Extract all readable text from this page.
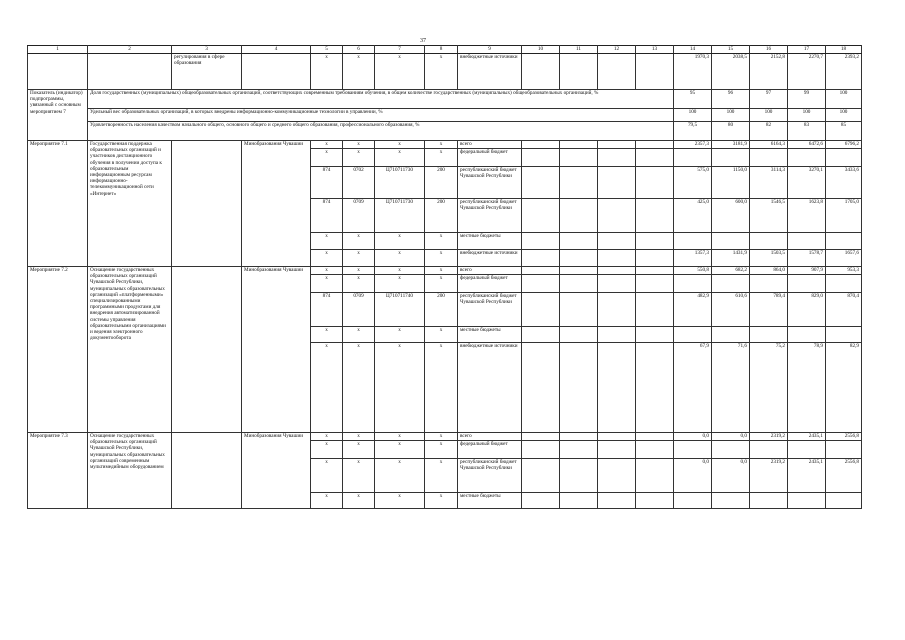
37
1	2	3	4	5	6	7	8	9	10	11	12	13	14	15	16	17	18
		регулирования в сфере образования		x	x	x	x	внебюджетные источники					1970,3	2038,5	2152,8	2270,7	2393,2
Показатель (индикатор) подпрограммы, увязанный с основным мероприятием 7	Доля государственных (муниципальных) общеобразовательных организаций, соответствующих современным требованиям обучения, в общем количестве государственных (муниципальных) общеобразовательных организаций, %												95	96	97	99	100
	Удельный вес образовательных организаций, в которых внедрены информационно-коммуникационные технологии в управлении, %												100	100	100	100	100
	Удовлетворенность населения качеством начального общего, основного общего и среднего общего образования, профессионального образования, %												79,5	80	82	83	85
Мероприятие 7.1	Государственная поддержка образовательных организаций и участников дистанционного обучения в получении доступа к образовательным информационным ресурсам информационно-телекоммуникационной сети «Интернет»		Минобразования Чувашии	x	x	x	x	всего					2357,3	3181,9	6164,3	6472,6	6796,2
				x	x	x	x	федеральный бюджет									
				874	0702	Ц710711730	200	республиканский бюджет Чувашской Республики					575,0	1150,0	3114,3	3270,1	3433,6
				874	0709	Ц710711730	200	республиканский бюджет Чувашской Республики					425,0	600,0	1546,5	1623,8	1705,0
				x	x	x	x	местные бюджеты									
				x	x	x	x	внебюджетные источники					1357,3	1431,9	1503,5	1578,7	1657,6
Мероприятие 7.2	Оснащение государственных образовательных организаций Чувашской Республики, муниципальных образовательных организаций «платформенными» специализированными программными продуктами для внедрения автоматизированной системы управления образовательными организациями и ведения электронного документооборота		Минобразования Чувашии	x	x	x	x	всего					550,8	682,2	864,0	907,9	953,3
				x	x	x	x	федеральный бюджет									
				874	0709	Ц710711740	200	республиканский бюджет Чувашской Республики					482,9	610,6	789,4	829,0	870,4
				x	x	x	x	местные бюджеты									
				x	x	x	x	внебюджетные источники					67,9	71,6	75,2	78,9	82,9
Мероприятие 7.3	Оснащение государственных образовательных организаций Чувашской Республики, муниципальных образовательных организаций современным мультимедийным оборудованием		Минобразования Чувашии	x	x	x	x	всего					0,0	0,0	2319,2	2435,1	2556,8
				x	x	x	x	федеральный бюджет									
				x	x	x	x	республиканский бюджет Чувашской Республики					0,0	0,0	2319,2	2435,1	2556,8
				x	x	x	x	местные бюджеты									
